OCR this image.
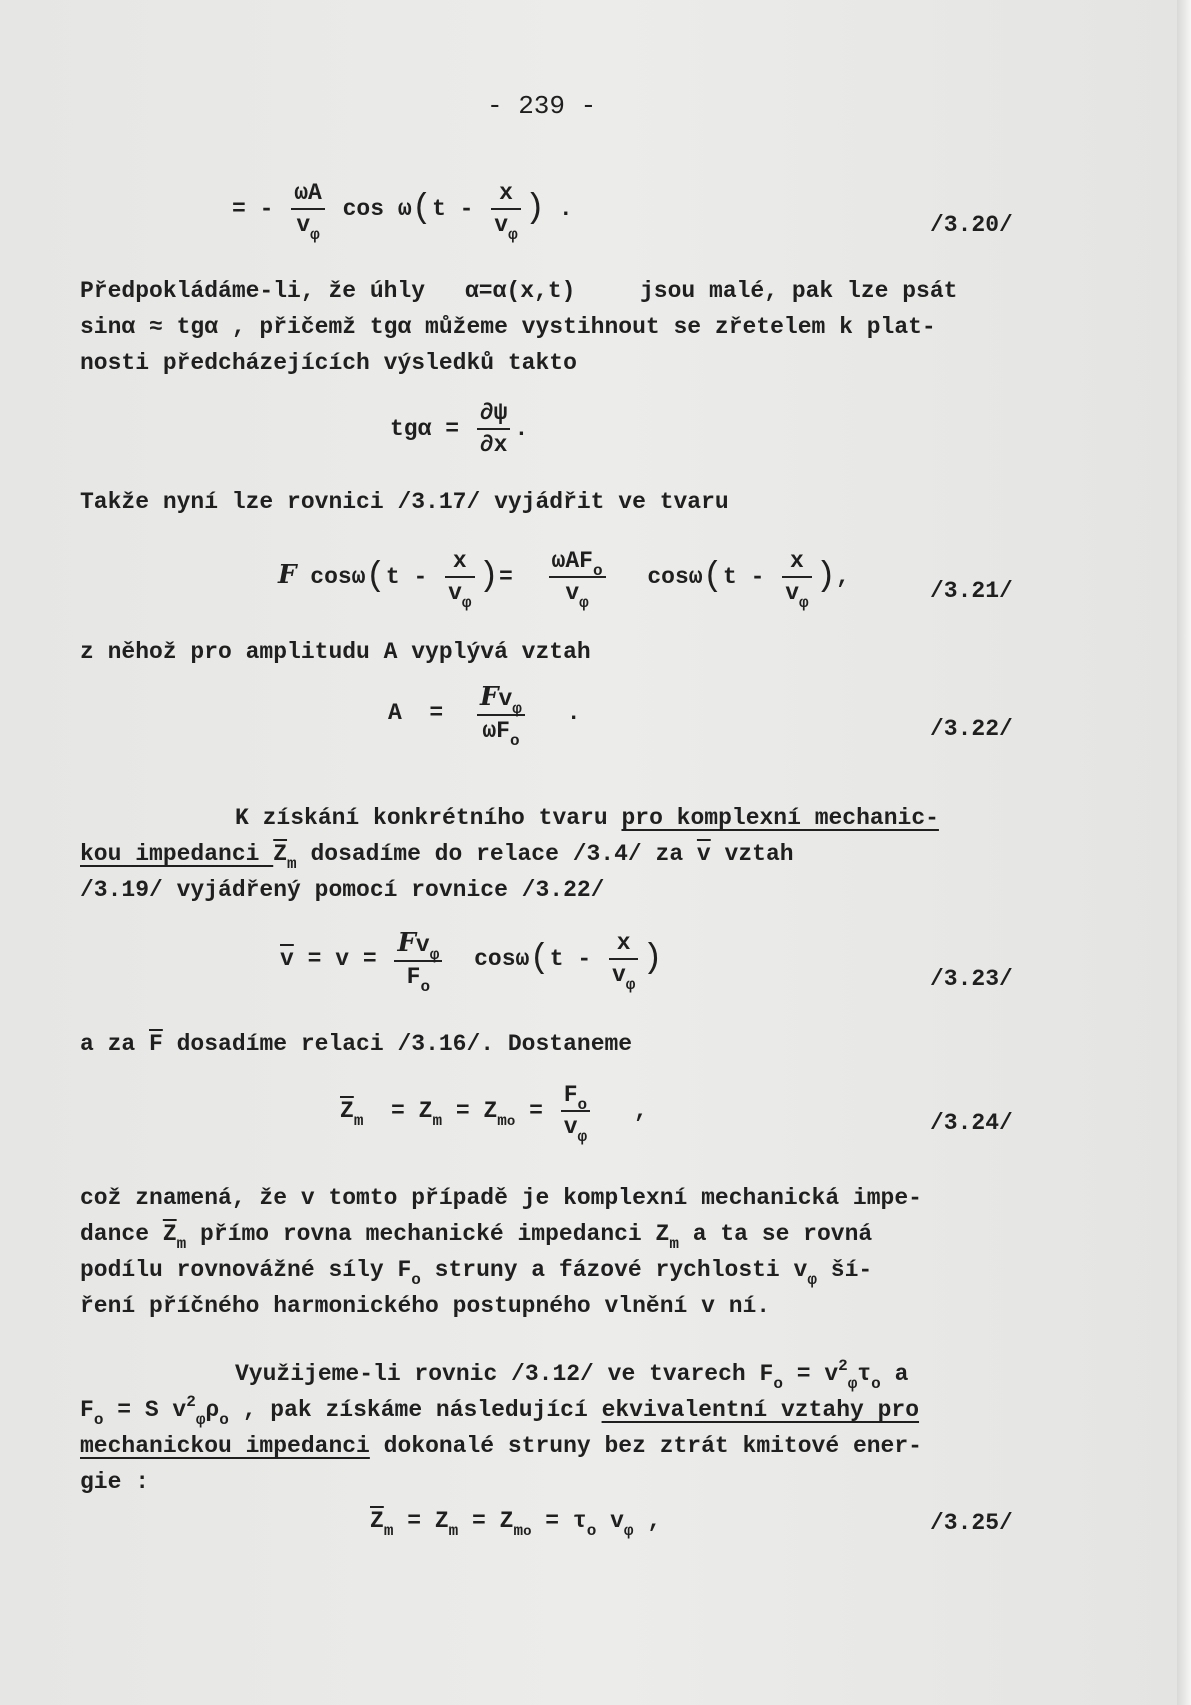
- 239 -
= - $\frac{\omega A}{v_\varphi}$ $\cos \omega(t - \frac{x}{v_\varphi}$ ) .
/3.20/
Předpokládáme-li, že úhly α=α(x,t)	jsou malé, pak lze psát
sinα ≈ tgα , přičemž tgα můžeme vystihnout se zřetelem k plat-
nosti předcházejících výsledků takto
$tg\alpha = \frac{\partial\psi}{\partial x}$ .
Takže nyní lze rovnici /3.17/ vyjádřit ve tvaru
F $\cos\omega(t - \frac{x}{v_\varphi}$ )= $\frac{\omega AF_o}{v_\varphi} \cos\omega(t - \frac{x}{v_\varphi}$ ),
/3.21/
z něhož pro amplitudu A vyplývá vztah
$A = \frac{Fv_\varphi}{\omega F_o}$ .
/3.22/
K získání konkrétního tvaru pro komplexní mechanic-
kou impedanci $\overline{Z}_m$ dosadíme do relace /3.4/ za $\overline{v}$ vztah
/3.19/ vyjádřený pomocí rovnice /3.22/
$\overline{v} = v = \frac{Fv_\varphi}{F_o} \cos\omega(t - \frac{x}{v_\varphi}$ )
/3.23/
a za $\overline{F}$ dosadíme relaci /3.16/. Dostaneme
$\overline{Z}_m = Z_m = Z_{mo} = \frac{F_o}{v_\varphi}$ ,	/3.24/
což znamená, že v tomto případě je komplexní mechanická impe-
dance $\overline{Z}_m$ přímo rovna mechanické impedanci $Z_m$ a ta se rovná
podílu rovnovážné síly $F_o$ struny a fázové rychlosti $v_\varphi$ ší-
ření příčného harmonického postupného vlnění v ní.
Využijeme-li rovnic /3.12/ ve tvarech $F_o = v^2_\varphi\tau_o$ a
$F_o = S$ $v^2_\varphi\rho_o$ , pak získáme následující ekvivalentní vztahy pro
mechanickou impedanci dokonalé struny bez ztrát kmitové ener-
gie :
$\overline{Z}_m = Z_m = Z_{mo} = \tau_o$ $v_\varphi$ ,	/3.25/
